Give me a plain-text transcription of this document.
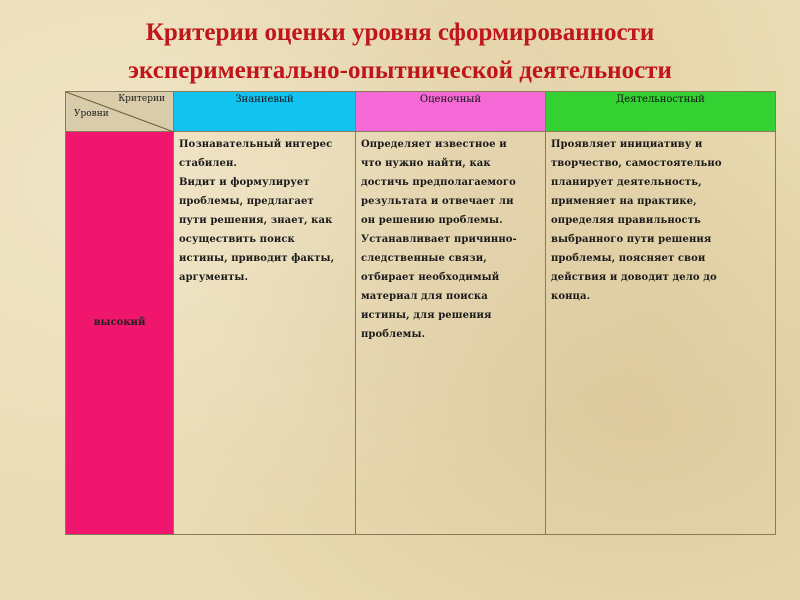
Критерии оценки уровня сформированности
экспериментально-опытнической деятельности
Критерии
Уровни
Знаниевый	Оценочный	Деятельностный
высокий
Познавательный интерес
стабилен.
Видит и формулирует
проблемы, предлагает
пути решения, знает, как
осуществить поиск
истины, приводит факты,
аргументы.
Определяет известное и
что нужно найти, как
достичь предполагаемого
результата и отвечает ли
он решению проблемы.
Устанавливает причинно-
следственные связи,
отбирает необходимый
материал для поиска
истины, для решения
проблемы.
Проявляет инициативу и
творчество, самостоятельно
планирует деятельность,
применяет на практике,
определяя правильность
выбранного пути решения
проблемы, поясняет свои
действия и доводит дело до
конца.
